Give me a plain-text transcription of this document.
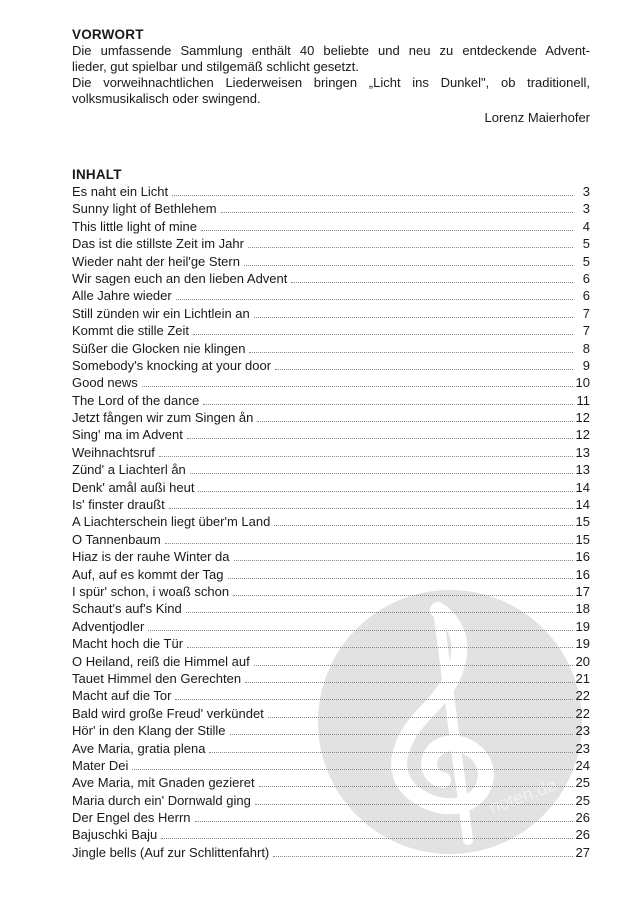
noten.de
VORWORT

Die umfassende Sammlung enthält 40 beliebte und neu zu entdeckende Advent-

lieder, gut spielbar und stilgemäß schlicht gesetzt.

Die vorweihnachtlichen Liederweisen bringen „Licht ins Dunkel", ob traditionell,

volksmusikalisch oder swingend.

Lorenz Maierhofer

INHALT
Es naht ein Licht	3
Sunny light of Bethlehem	3
This little light of mine	4
Das ist die stillste Zeit im Jahr	5
Wieder naht der heil'ge Stern	5
Wir sagen euch an den lieben Advent	6
Alle Jahre wieder	6
Still zünden wir ein Lichtlein an	7
Kommt die stille Zeit	7
Süßer die Glocken nie klingen	8
Somebody's knocking at your door	9
Good news	10
The Lord of the dance	11
Jetzt fången wir zum Singen ån	12
Sing' ma im Advent	12
Weihnachtsruf	13
Zünd' a Liachterl ån	13
Denk' amål außi heut	14
Is' finster draußt	14
A Liachterschein liegt über'm Land	15
O Tannenbaum	15
Hiaz is der rauhe Winter da	16
Auf, auf es kommt der Tag	16
I spür' schon, i woaß schon	17
Schaut's auf's Kind	18
Adventjodler	19
Macht hoch die Tür	19
O Heiland, reiß die Himmel auf	20
Tauet Himmel den Gerechten	21
Macht auf die Tor	22
Bald wird große Freud' verkündet	22
Hör' in den Klang der Stille	23
Ave Maria, gratia plena	23
Mater Dei	24
Ave Maria, mit Gnaden gezieret	25
Maria durch ein' Dornwald ging	25
Der Engel des Herrn	26
Bajuschki Baju	26
Jingle bells (Auf zur Schlittenfahrt)	27
